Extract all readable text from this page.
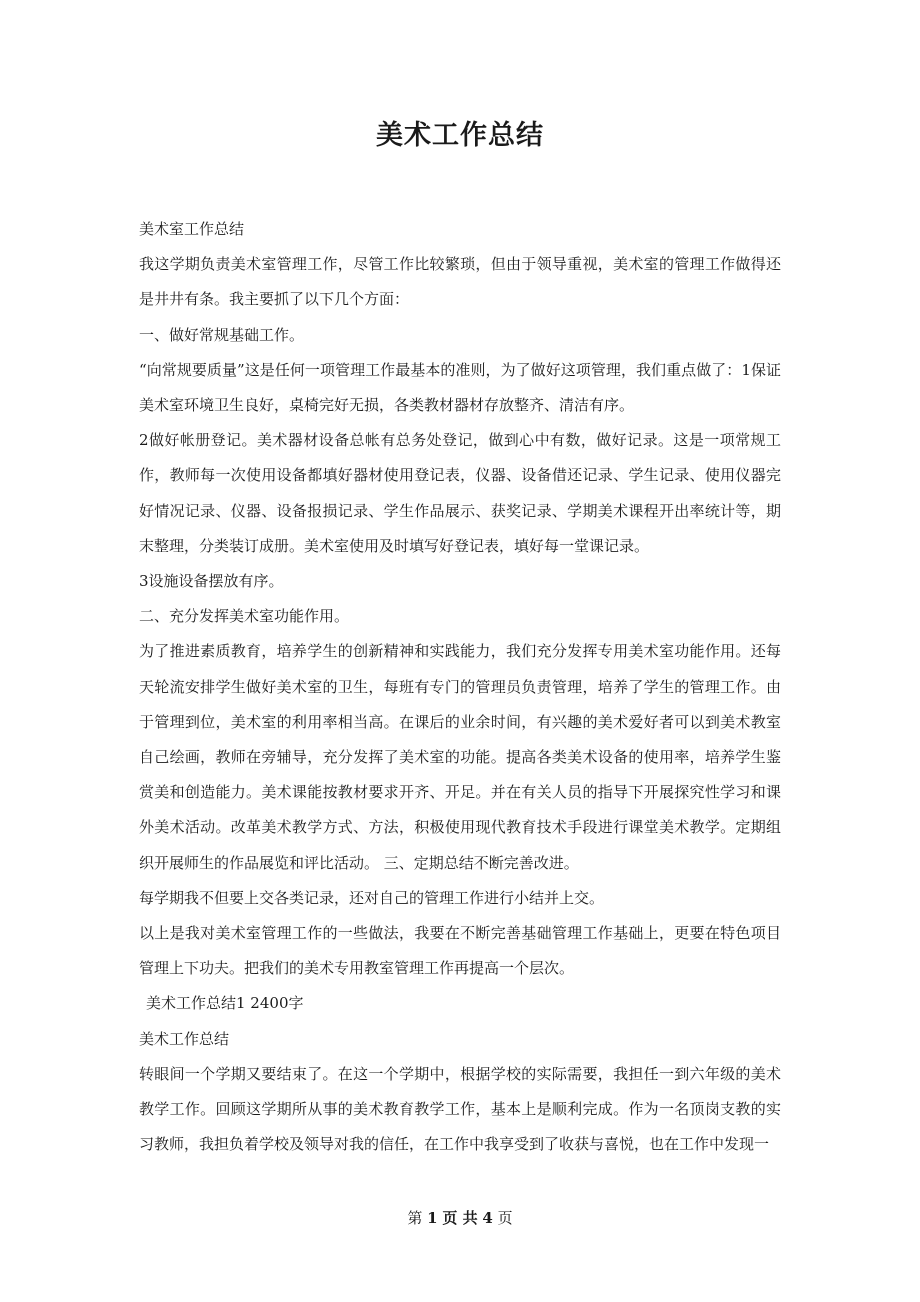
美术工作总结

美术室工作总结

我这学期负责美术室管理工作，尽管工作比较繁琐，但由于领导重视，美术室的管理工作做得还是井井有条。我主要抓了以下几个方面：

一、做好常规基础工作。

“向常规要质量”这是任何一项管理工作最基本的准则，为了做好这项管理，我们重点做了：1保证美术室环境卫生良好，桌椅完好无损，各类教材器材存放整齐、清洁有序。

2做好帐册登记。美术器材设备总帐有总务处登记，做到心中有数，做好记录。这是一项常规工作，教师每一次使用设备都填好器材使用登记表，仪器、设备借还记录、学生记录、使用仪器完好情况记录、仪器、设备报损记录、学生作品展示、获奖记录、学期美术课程开出率统计等，期末整理，分类装订成册。美术室使用及时填写好登记表，填好每一堂课记录。

3设施设备摆放有序。

二、充分发挥美术室功能作用。

为了推进素质教育，培养学生的创新精神和实践能力，我们充分发挥专用美术室功能作用。还每天轮流安排学生做好美术室的卫生，每班有专门的管理员负责管理，培养了学生的管理工作。由于管理到位，美术室的利用率相当高。在课后的业余时间，有兴趣的美术爱好者可以到美术教室自己绘画，教师在旁辅导，充分发挥了美术室的功能。提高各类美术设备的使用率，培养学生鉴赏美和创造能力。美术课能按教材要求开齐、开足。并在有关人员的指导下开展探究性学习和课外美术活动。改革美术教学方式、方法，积极使用现代教育技术手段进行课堂美术教学。定期组织开展师生的作品展览和评比活动。 三、定期总结不断完善改进。

每学期我不但要上交各类记录，还对自己的管理工作进行小结并上交。

以上是我对美术室管理工作的一些做法，我要在不断完善基础管理工作基础上，更要在特色项目管理上下功夫。把我们的美术专用教室管理工作再提高一个层次。

美术工作总结1 2400字

美术工作总结

转眼间一个学期又要结束了。在这一个学期中，根据学校的实际需要，我担任一到六年级的美术教学工作。回顾这学期所从事的美术教育教学工作，基本上是顺利完成。作为一名顶岗支教的实习教师，我担负着学校及领导对我的信任，在工作中我享受到了收获与喜悦，也在工作中发现一

第 1 页 共 4 页
